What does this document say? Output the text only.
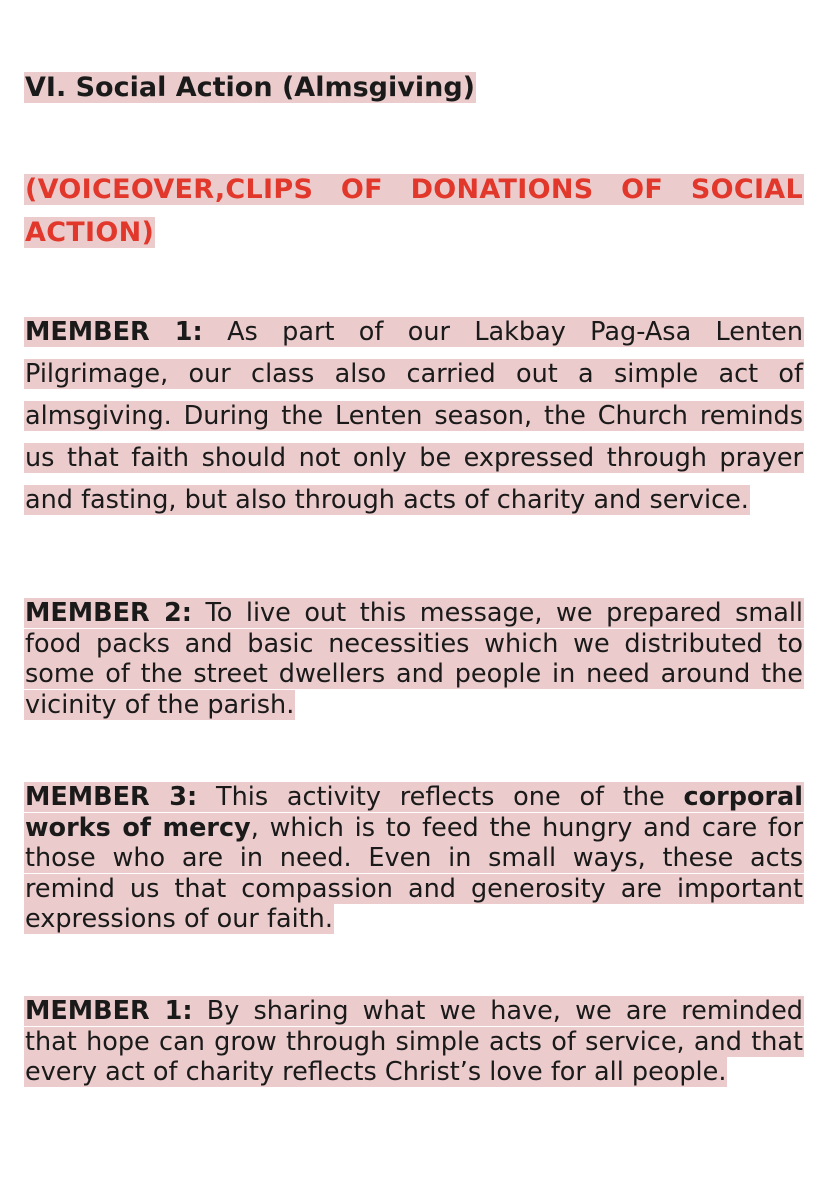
VI. Social Action (Almsgiving)

(VOICEOVER,CLIPS OF DONATIONS OF SOCIAL ACTION)

MEMBER 1: As part of our Lakbay Pag-Asa Lenten Pilgrimage, our class also carried out a simple act of almsgiving. During the Lenten season, the Church reminds us that faith should not only be expressed through prayer and fasting, but also through acts of charity and service.

MEMBER 2: To live out this message, we prepared small food packs and basic necessities which we distributed to some of the street dwellers and people in need around the vicinity of the parish.

MEMBER 3: This activity reflects one of the corporal works of mercy, which is to feed the hungry and care for those who are in need. Even in small ways, these acts remind us that compassion and generosity are important expressions of our faith.

MEMBER 1: By sharing what we have, we are reminded that hope can grow through simple acts of service, and that every act of charity reflects Christ’s love for all people.
